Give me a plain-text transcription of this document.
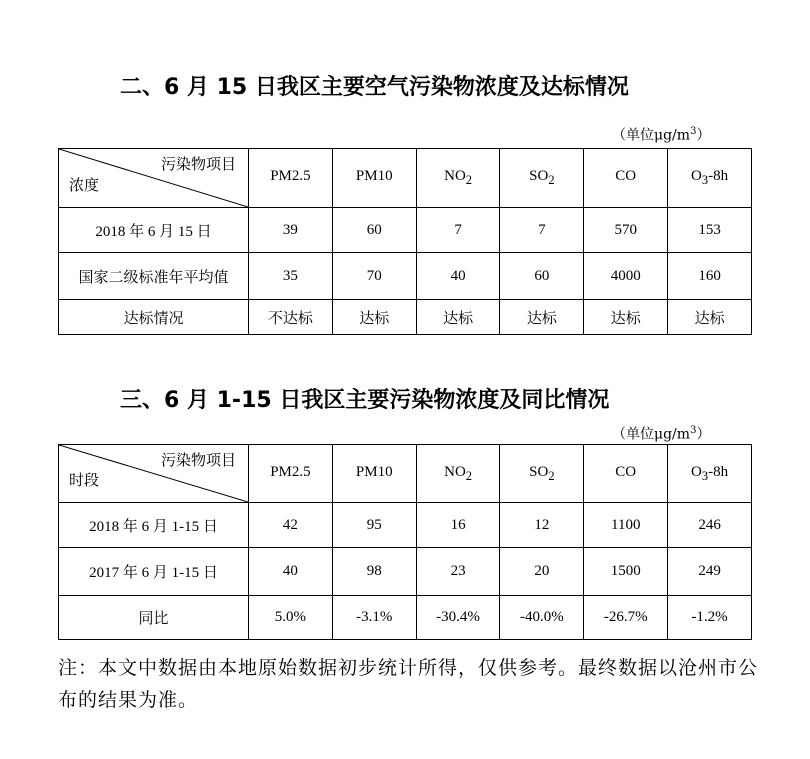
二、6 月 15 日我区主要空气污染物浓度及达标情况
（单位$\mu g/m^3$）
污染物项目
浓度	PM2.5	PM10	$NO_2$	$SO_2$	CO	$O_3-8h$
2018 年 6 月 15 日	39	60	7	7	570	153
国家二级标准年平均值	35	70	40	60	4000	160
达标情况	不达标	达标	达标	达标	达标	达标
三、6 月 1-15 日我区主要污染物浓度及同比情况
（单位$\mu g/m^3$）
污染物项目
时段	PM2.5	PM10	$NO_2$	$SO_2$	CO	$O_3-8h$
2018 年 6 月 1-15 日	42	95	16	12	1100	246
2017 年 6 月 1-15 日	40	98	23	20	1500	249
同比	5.0%	-3.1%	-30.4%	-40.0%	-26.7%	-1.2%

注：本文中数据由本地原始数据初步统计所得，仅供参考。最终数据以沧州市公布的结果为准。
